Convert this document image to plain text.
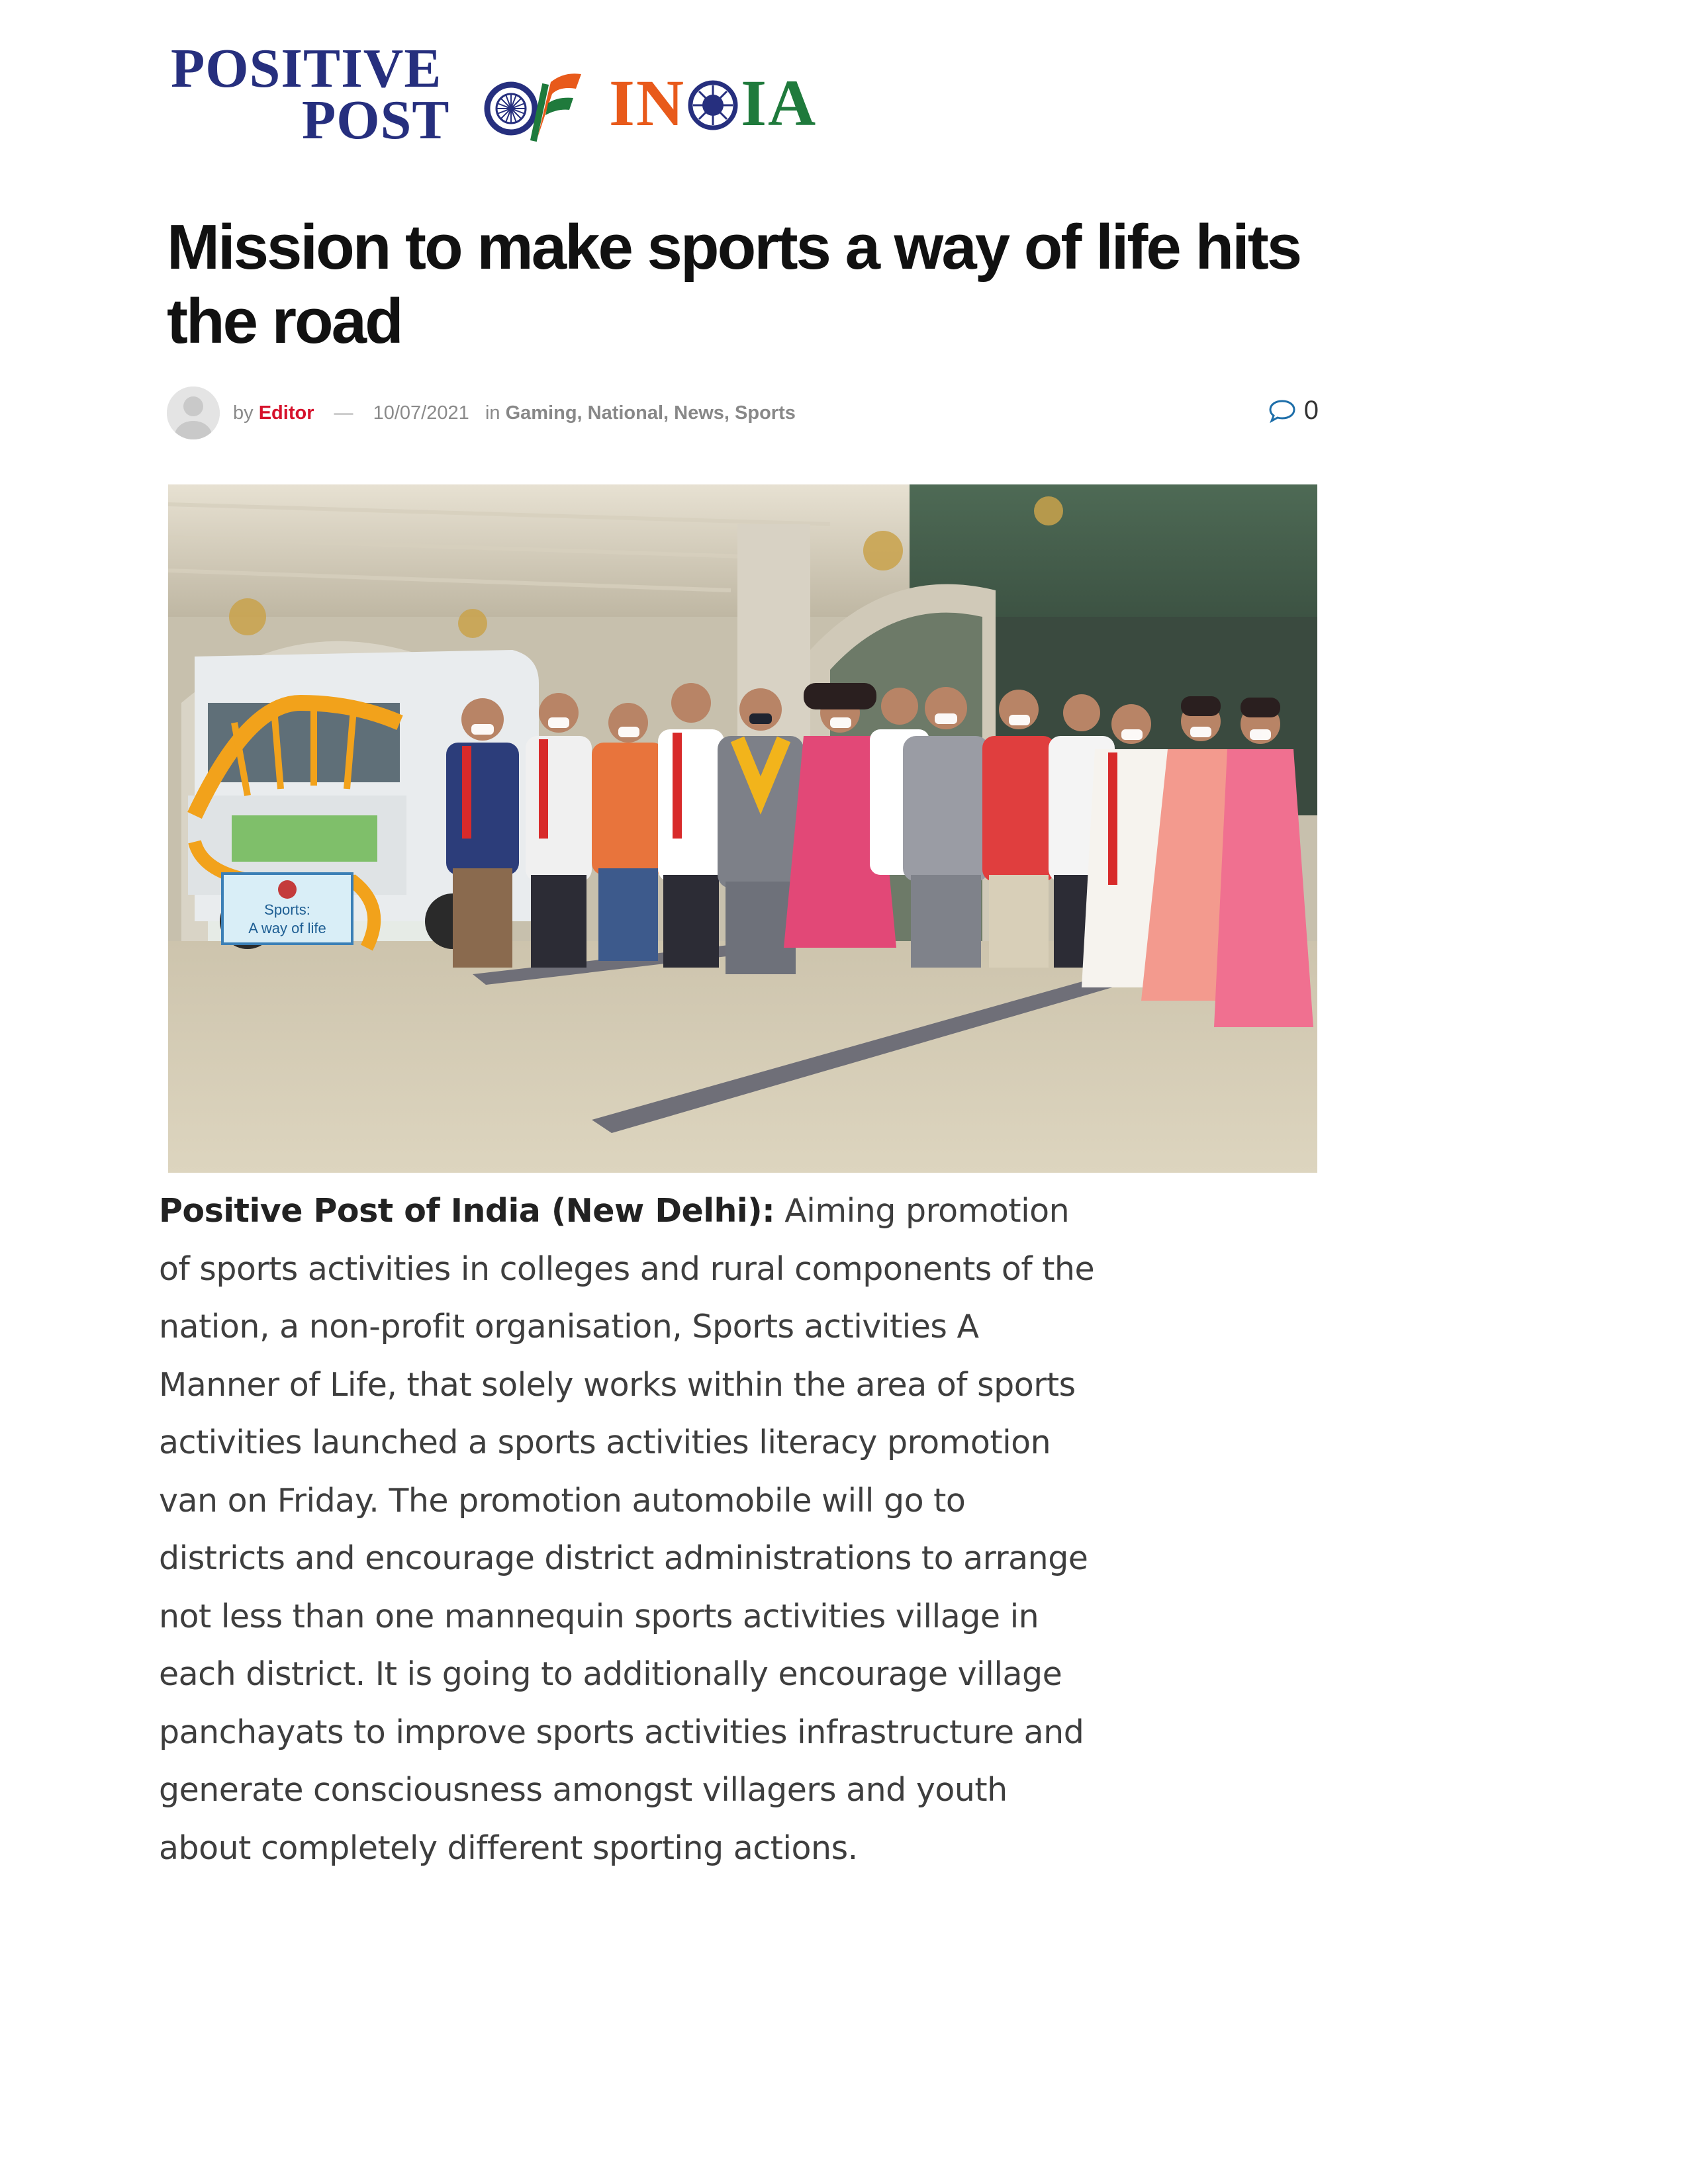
POSITIVE
POST IN IA
Mission to make sports a way of life hits the road
by Editor — 10/07/2021 in Gaming, National, News, Sports	0
Sports:
A way of life

Positive Post of India (New Delhi): Aiming promotion of sports activities in colleges and rural components of the nation, a non-profit organisation, Sports activities A Manner of Life, that solely works within the area of sports activities launched a sports activities literacy promotion van on Friday. The promotion automobile will go to districts and encourage district administrations to arrange not less than one mannequin sports activities village in each district. It is going to additionally encourage village panchayats to improve sports activities infrastructure and generate consciousness amongst villagers and youth about completely different sporting actions.
